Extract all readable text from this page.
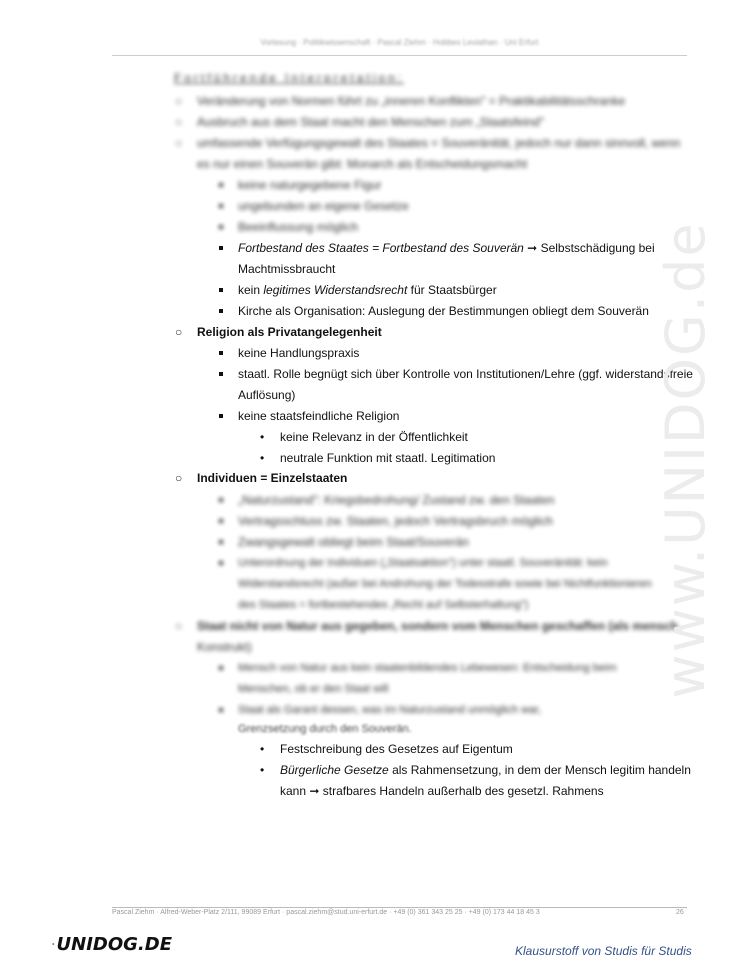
Vorlesung · Politikwissenschaft · Pascal Ziehm · Hobbes Leviathan · Uni Erfurt
Fortführende Interpretation:
○ Veränderung von Normen führt zu „inneren Konflikten" = Praktikabilitätsschranke
○ Ausbruch aus dem Staat macht den Menschen zum „Staatsfeind"
○ umfassende Verfügungsgewalt des Staates = Souveränität, jedoch nur dann sinnvoll, wenn
es nur einen Souverän gibt: Monarch als Entscheidungsmacht
keine naturgegebene Figur
ungebunden an eigene Gesetze
Beeinflussung möglich
Fortbestand des Staates = Fortbestand des Souverän ➞ Selbstschädigung bei
Machtmissbraucht
kein legitimes Widerstandsrecht für Staatsbürger
Kirche als Organisation: Auslegung der Bestimmungen obliegt dem Souverän
○ Religion als Privatangelegenheit
keine Handlungspraxis
staatl. Rolle begnügt sich über Kontrolle von Institutionen/Lehre (ggf. widerstandsfreie
Auflösung)
keine staatsfeindliche Religion
• keine Relevanz in der Öffentlichkeit
• neutrale Funktion mit staatl. Legitimation
○ Individuen = Einzelstaaten
„Naturzustand": Kriegsbedrohung/ Zustand zw. den Staaten
Vertragsschluss zw. Staaten, jedoch Vertragsbruch möglich
Zwangsgewalt obliegt beim Staat/Souverän
Unterordnung der Individuen („Staatsaktion") unter staatl. Souveränität: kein
Widerstandsrecht (außer bei Androhung der Todesstrafe sowie bei Nichtfunktionieren
des Staates = fortbestehendes „Recht auf Selbsterhaltung")
○ Staat nicht von Natur aus gegeben, sondern vom Menschen geschaffen (als mensch.
Konstrukt)
Mensch von Natur aus kein staatenbildendes Lebewesen: Entscheidung beim
Menschen, ob er den Staat will
Staat als Garant dessen, was im Naturzustand unmöglich war,
Grenzsetzung durch den Souverän.
• Festschreibung des Gesetzes auf Eigentum
• Bürgerliche Gesetze als Rahmensetzung, in dem der Mensch legitim handeln
kann ➞ strafbares Handeln außerhalb des gesetzl. Rahmens
www.UNIDOG.de
Pascal Ziehm · Alfred-Weber-Platz 2/111, 99089 Erfurt · pascal.ziehm@stud.uni-erfurt.de · +49 (0) 361 343 25 25 · +49 (0) 173 44 18 45 3	26
UNIDOG.DE	Klausurstoff von Studis für Studis
